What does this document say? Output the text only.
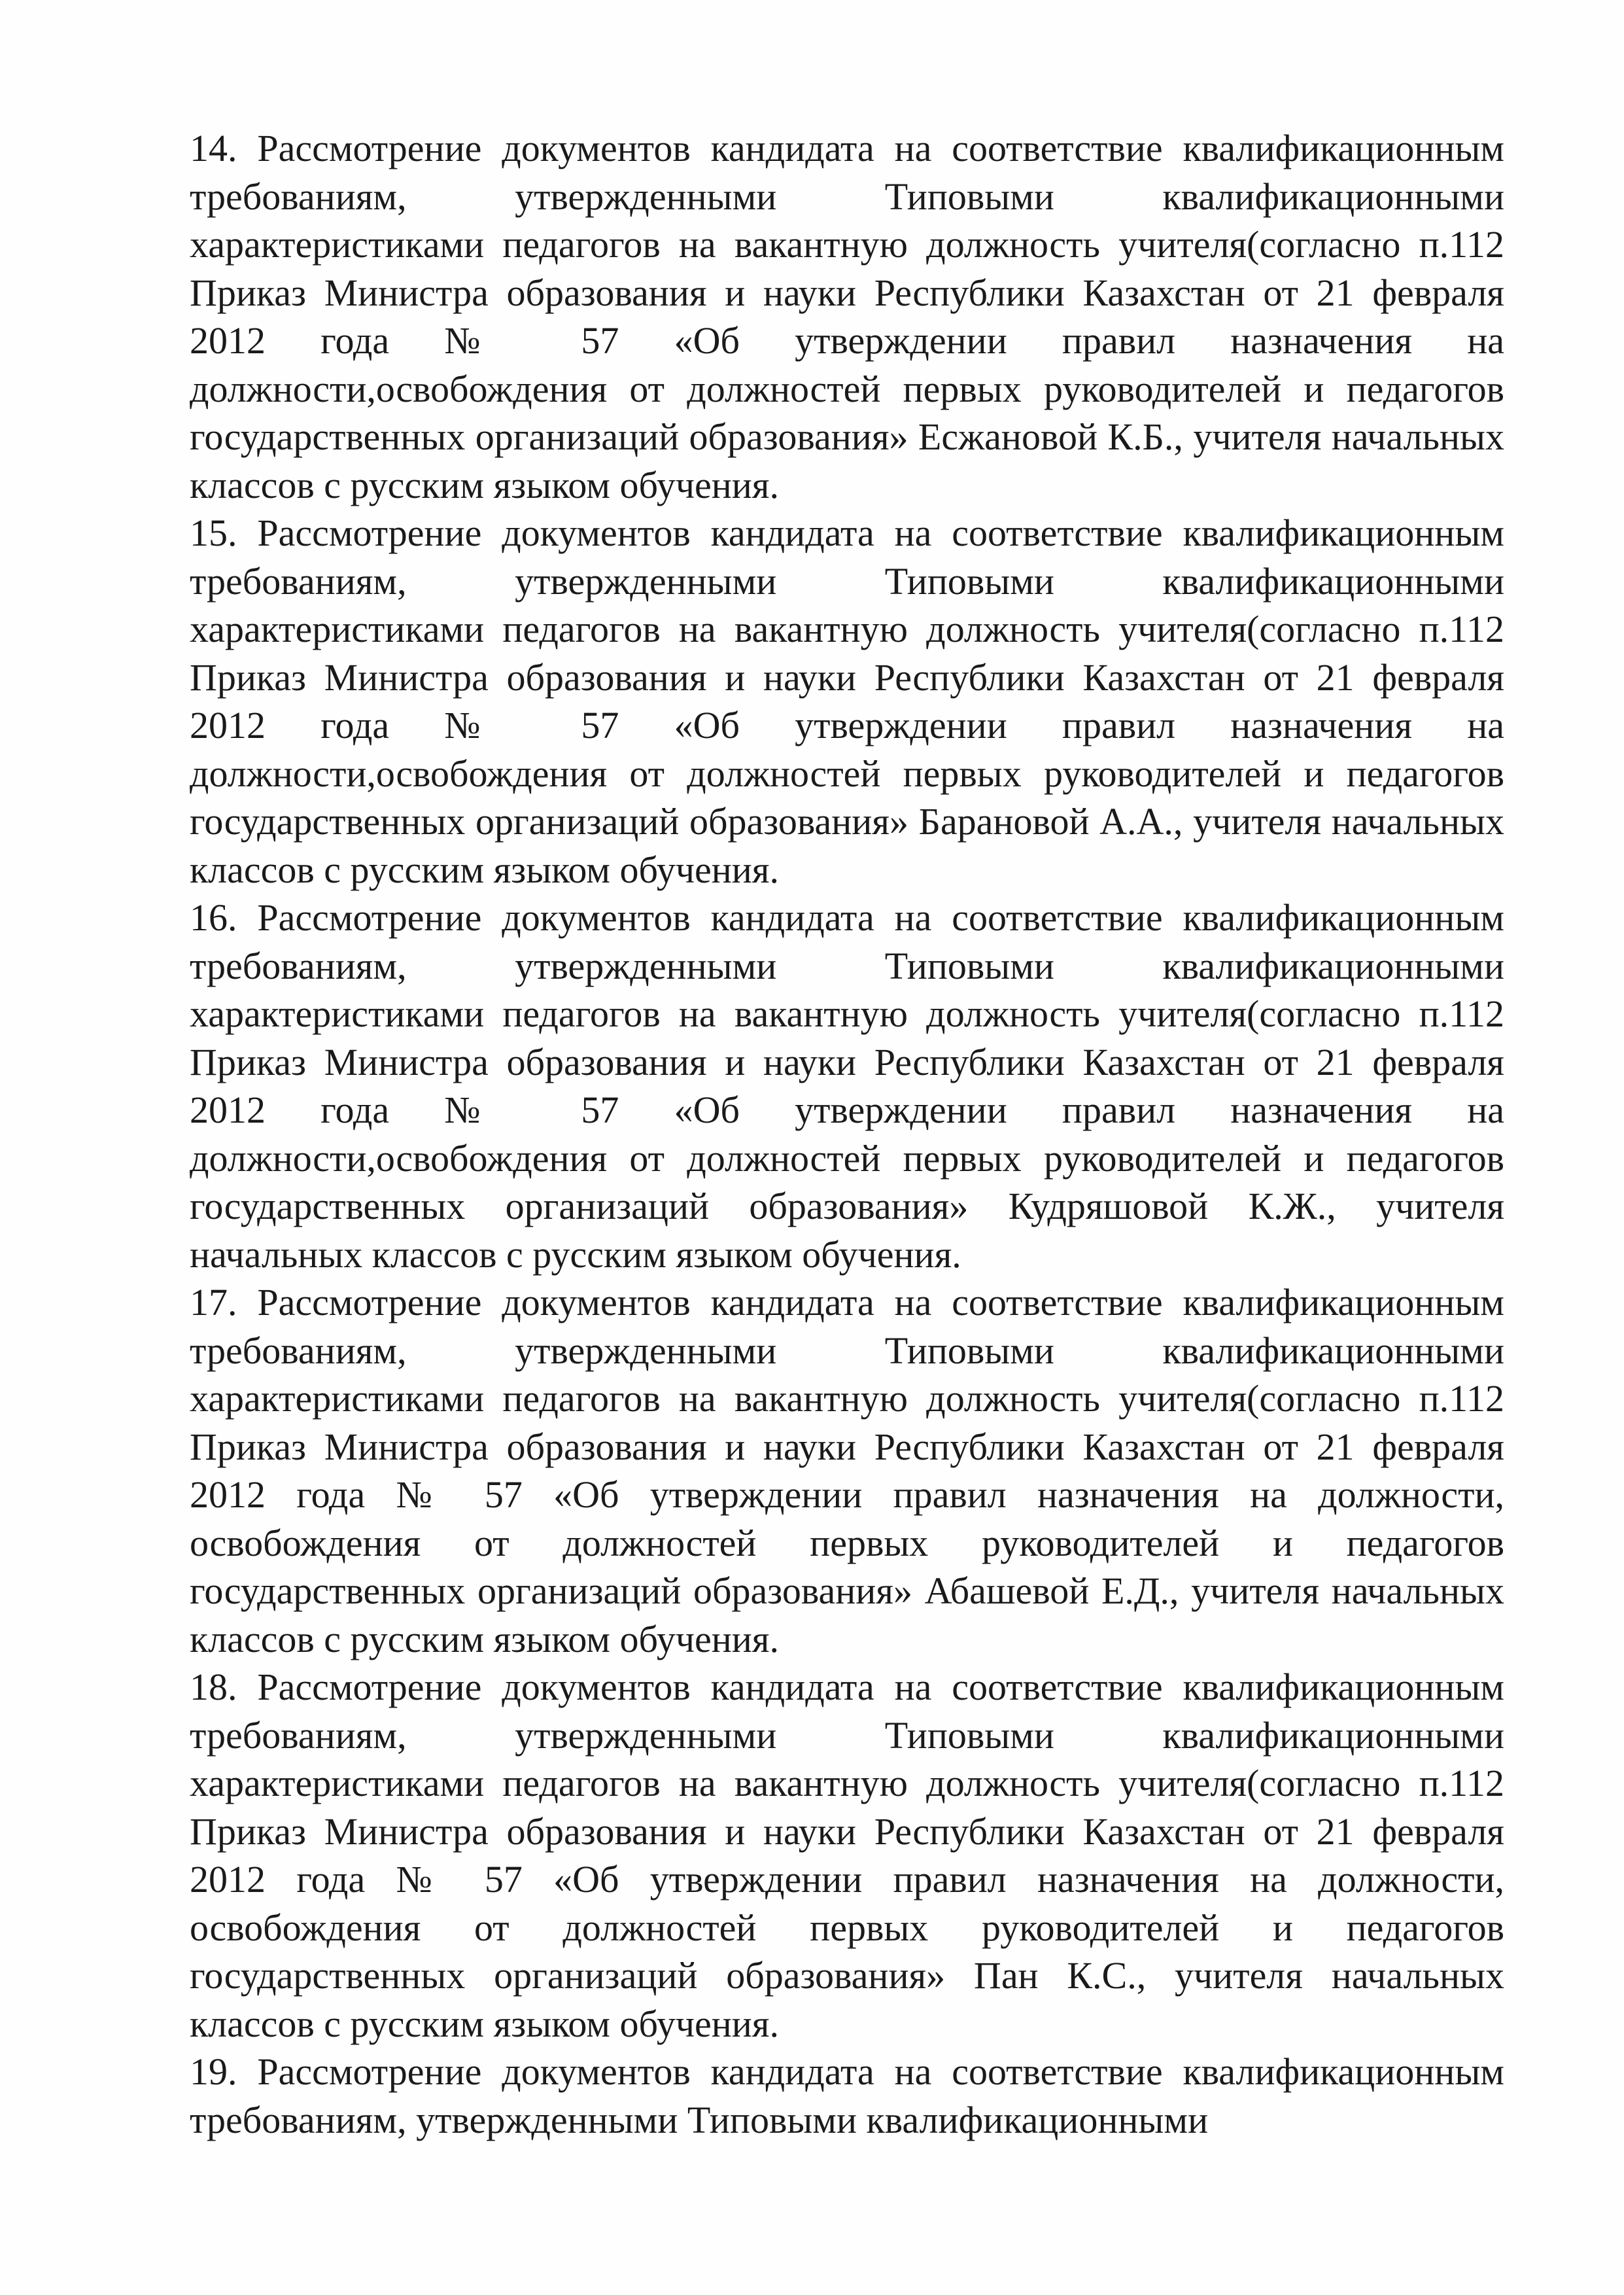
14. Рассмотрение документов кандидата на соответствие квалификационным требованиям, утвержденными Типовыми квалификационными характеристиками педагогов на вакантную должность учителя(согласно п.112 Приказ Министра образования и науки Республики Казахстан от 21 февраля 2012 года № 57 «Об утверждении правил назначения на должности,освобождения от должностей первых руководителей и педагогов государственных организаций образования» Есжановой К.Б., учителя начальных классов с русским языком обучения.

15. Рассмотрение документов кандидата на соответствие квалификационным требованиям, утвержденными Типовыми квалификационными характеристиками педагогов на вакантную должность учителя(согласно п.112 Приказ Министра образования и науки Республики Казахстан от 21 февраля 2012 года № 57 «Об утверждении правил назначения на должности,освобождения от должностей первых руководителей и педагогов государственных организаций образования» Барановой А.А., учителя начальных классов с русским языком обучения.

16. Рассмотрение документов кандидата на соответствие квалификационным требованиям, утвержденными Типовыми квалификационными характеристиками педагогов на вакантную должность учителя(согласно п.112 Приказ Министра образования и науки Республики Казахстан от 21 февраля 2012 года № 57 «Об утверждении правил назначения на должности,освобождения от должностей первых руководителей и педагогов государственных организаций образования» Кудряшовой К.Ж., учителя начальных классов с русским языком обучения.

17. Рассмотрение документов кандидата на соответствие квалификационным требованиям, утвержденными Типовыми квалификационными характеристиками педагогов на вакантную должность учителя(согласно п.112 Приказ Министра образования и науки Республики Казахстан от 21 февраля 2012 года № 57 «Об утверждении правил назначения на должности, освобождения от должностей первых руководителей и педагогов государственных организаций образования» Абашевой Е.Д., учителя начальных классов с русским языком обучения.

18. Рассмотрение документов кандидата на соответствие квалификационным требованиям, утвержденными Типовыми квалификационными характеристиками педагогов на вакантную должность учителя(согласно п.112 Приказ Министра образования и науки Республики Казахстан от 21 февраля 2012 года № 57 «Об утверждении правил назначения на должности, освобождения от должностей первых руководителей и педагогов государственных организаций образования» Пан К.С., учителя начальных классов с русским языком обучения.

19. Рассмотрение документов кандидата на соответствие квалификационным требованиям, утвержденными Типовыми квалификационными
